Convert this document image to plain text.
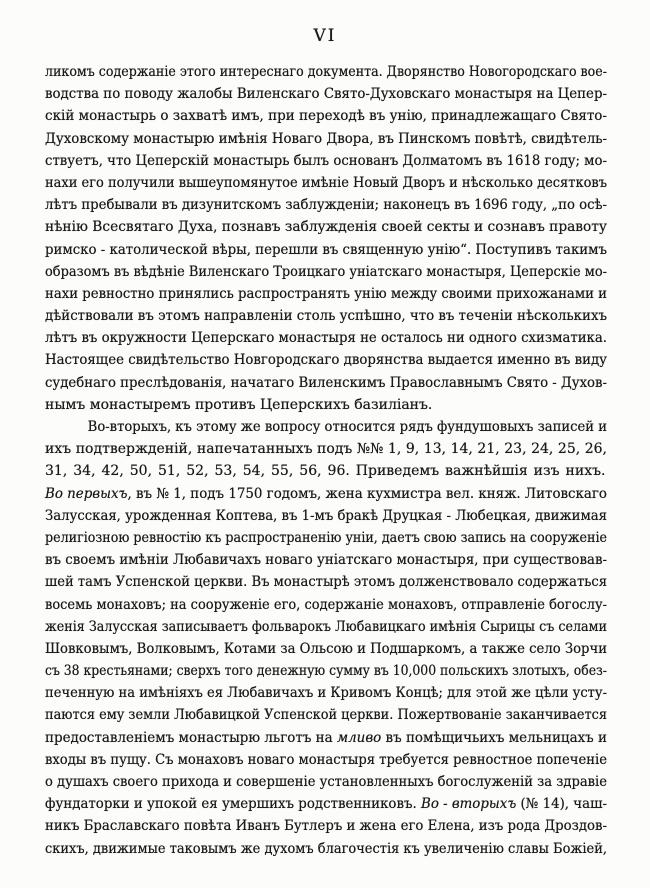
VI
ликомъ содержаніе этого интереснаго документа. Дворянство Новогородскаго вое-
водства по поводу жалобы Виленскаго Свято-Духовскаго монастыря на Цепер-
скій монастырь о захватѣ имъ, при переходѣ въ унію, принадлежащаго Свято-
Духовскому монастырю имѣнія Новаго Двора, въ Пинскомъ повѣтѣ, свидѣтель-
ствуетъ, что Цеперскій монастырь былъ основанъ Долматомъ въ 1618 году; мо-
нахи его получили вышеупомянутое имѣніе Новый Дворъ и нѣсколько десятковъ
лѣтъ пребывали въ дизунитскомъ заблужденіи; наконецъ въ 1696 году, „по осѣ-
нѣнію Всесвятаго Духа, познавъ заблужденія своей секты и сознавъ правоту
римско - католической вѣры, перешли въ священную унію“. Поступивъ такимъ
образомъ въ вѣдѣніе Виленскаго Троицкаго уніатскаго монастыря, Цеперскіе мо-
нахи ревностно принялись распространять унію между своими прихожанами и
дѣйствовали въ этомъ направленіи столь успѣшно, что въ теченіи нѣсколькихъ
лѣтъ въ окружности Цеперскаго монастыря не осталось ни одного схизматика.
Настоящее свидѣтельство Новгородскаго дворянства выдается именно въ виду
судебнаго преслѣдованія, начатаго Виленскимъ Православнымъ Свято - Духов-
нымъ монастыремъ противъ Цеперскихъ базиліанъ.
Во-вторыхъ, къ этому же вопросу относится рядъ фундушовыхъ записей и
ихъ подтвержденій, напечатанныхъ подъ №№ 1, 9, 13, 14, 21, 23, 24, 25, 26,
31, 34, 42, 50, 51, 52, 53, 54, 55, 56, 96. Приведемъ важнѣйшія изъ нихъ.
Во первыхъ, въ № 1, подъ 1750 годомъ, жена кухмистра вел. княж. Литовскаго
Залусская, урожденная Коптева, въ 1-мъ бракѣ Друцкая - Любецкая, движимая
религіозною ревностію къ распространенію уніи, даетъ свою запись на сооруженіе
въ своемъ имѣніи Любавичахъ новаго уніатскаго монастыря, при существовав-
шей тамъ Успенской церкви. Въ монастырѣ этомъ долженствовало содержаться
восемь монаховъ; на сооруженіе его, содержаніе монаховъ, отправленіе богослу-
женія Залусская записываетъ фольварокъ Любавицкаго имѣнія Сырицы съ селами
Шовковымъ, Волковымъ, Котами за Ольсою и Подшаркомъ, а также село Зорчи
съ 38 крестьянами; сверхъ того денежную сумму въ 10,000 польскихъ злотыхъ, обез-
печенную на имѣніяхъ ея Любавичахъ и Кривомъ Концѣ; для этой же цѣли усту-
паются ему земли Любавицкой Успенской церкви. Пожертвованіе заканчивается
предоставленіемъ монастырю льготъ на мливо въ помѣщичьихъ мельницахъ и
входы въ пущу. Съ монаховъ новаго монастыря требуется ревностное попеченіе
о душахъ своего прихода и совершеніе установленныхъ богослуженій за здравіе
фундаторки и упокой ея умершихъ родственниковъ. Во - вторыхъ (№ 14), чаш-
никъ Браславскаго повѣта Иванъ Бутлеръ и жена его Елена, изъ рода Дроздов-
скихъ, движимые таковымъ же духомъ благочестія къ увеличенію славы Божіей,
